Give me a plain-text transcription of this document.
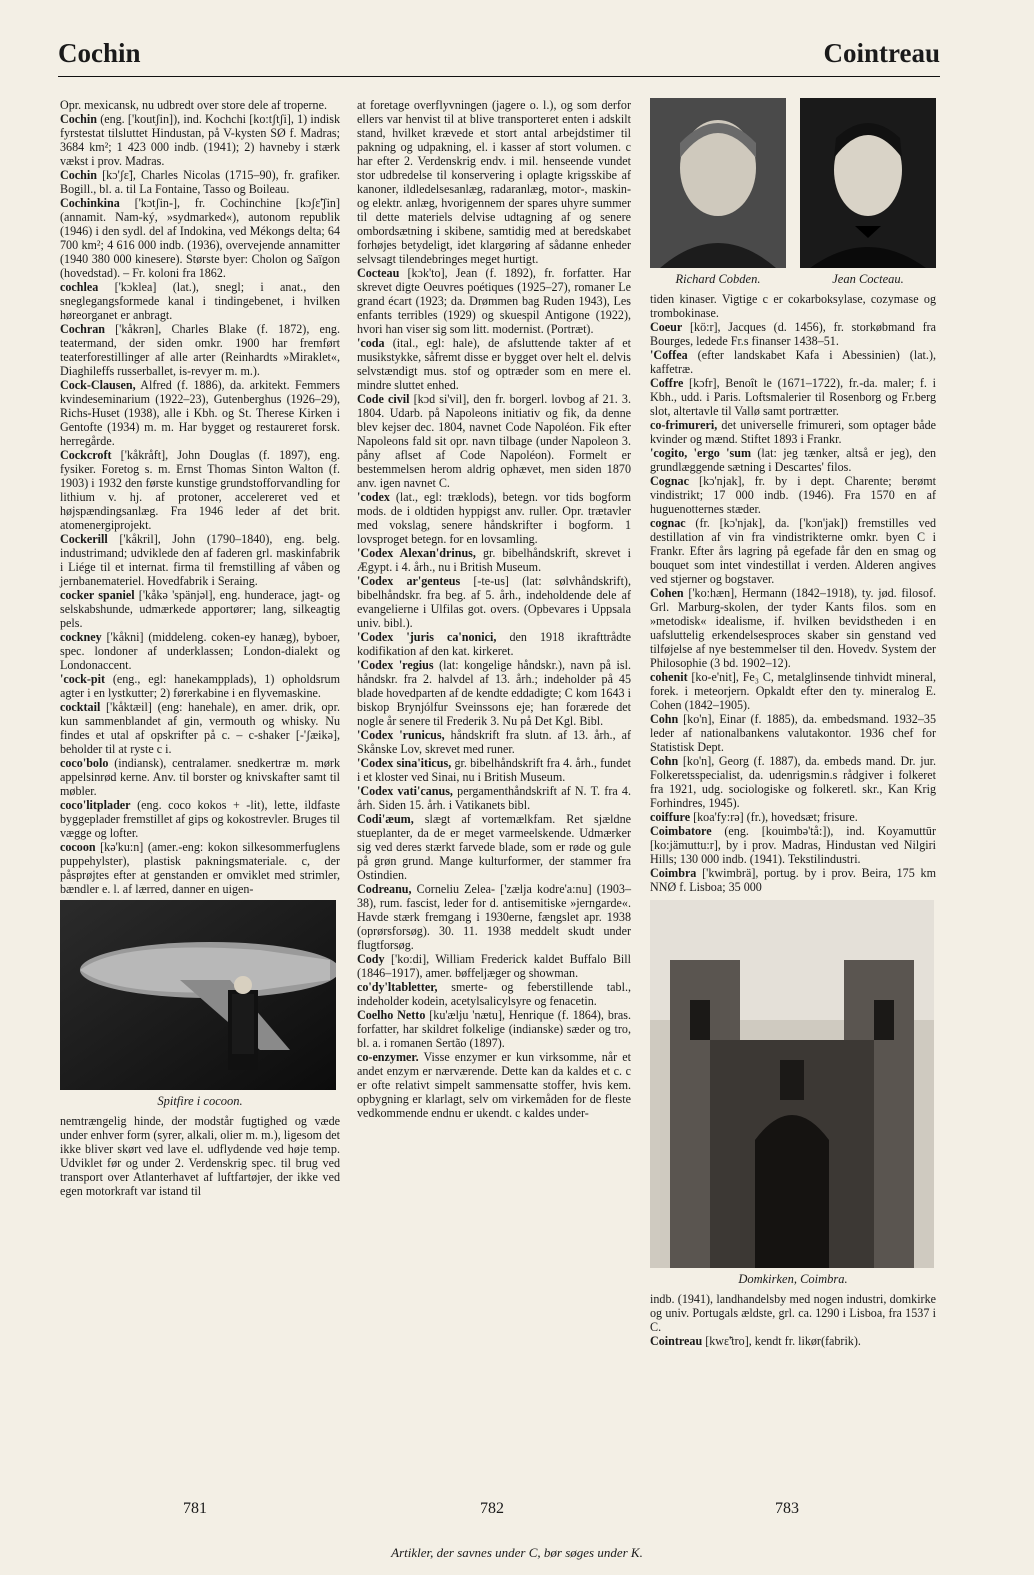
Cochin	Cointreau

Opr. mexicansk, nu udbredt over store dele af troperne.

Cochin (eng. ['koutʃin]), ind. Kochchi [ko:tʃtʃi], 1) indisk fyrstestat tilsluttet Hindustan, på V-kysten SØ f. Madras; 3684 km²; 1 423 000 indb. (1941); 2) havneby i stærk vækst i prov. Madras.

Cochin [kɔ'ʃɛ̃], Charles Nicolas (1715–90), fr. grafiker. Bogill., bl. a. til La Fontaine, Tasso og Boileau.

Cochinkina ['kɔtʃin-], fr. Cochinchine [kɔʃɛ̃'ʃin] (annamit. Nam-ký, »sydmarked«), autonom republik (1946) i den sydl. del af Indokina, ved Mékongs delta; 64 700 km²; 4 616 000 indb. (1936), overvejende annamitter (1940 380 000 kinesere). Største byer: Cholon og Saïgon (hovedstad). – Fr. koloni fra 1862.

cochlea ['kɔklea] (lat.), snegl; i anat., den sneglegangsformede kanal i tindingebenet, i hvilken høreorganet er anbragt.

Cochran ['kåkrən], Charles Blake (f. 1872), eng. teatermand, der siden omkr. 1900 har fremført teaterforestillinger af alle arter (Reinhardts »Miraklet«, Diaghileffs russerballet, is-revyer m. m.).

Cock-Clausen, Alfred (f. 1886), da. arkitekt. Femmers kvindeseminarium (1922–23), Gutenberghus (1926–29), Richs-Huset (1938), alle i Kbh. og St. Therese Kirken i Gentofte (1934) m. m. Har bygget og restaureret forsk. herregårde.

Cockcroft ['kåkråft], John Douglas (f. 1897), eng. fysiker. Foretog s. m. Ernst Thomas Sinton Walton (f. 1903) i 1932 den første kunstige grundstofforvandling for lithium v. hj. af protoner, accelereret ved et højspændingsanlæg. Fra 1946 leder af det brit. atomenergiprojekt.

Cockerill ['kåkril], John (1790–1840), eng. belg. industrimand; udviklede den af faderen grl. maskinfabrik i Liége til et internat. firma til fremstilling af våben og jernbanemateriel. Hovedfabrik i Seraing.

cocker spaniel ['kåkə 'spänjəl], eng. hunderace, jagt- og selskabshunde, udmærkede apportører; lang, silkeagtig pels.

cockney ['kåkni] (middeleng. coken-ey hanæg), byboer, spec. londoner af underklassen; London-dialekt og Londonaccent.

'cock-pit (eng., egl: hanekampplads), 1) opholdsrum agter i en lystkutter; 2) førerkabine i en flyvemaskine.

cocktail ['kåktæil] (eng: hanehale), en amer. drik, opr. kun sammenblandet af gin, vermouth og whisky. Nu findes et utal af opskrifter på c. – c-shaker [-'ʃæikə], beholder til at ryste c i.

coco'bolo (indiansk), centralamer. snedkertræ m. mørk appelsinrød kerne. Anv. til borster og knivskafter samt til møbler.

coco'litplader (eng. coco kokos + -lit), lette, ildfaste byggeplader fremstillet af gips og kokostrevler. Bruges til vægge og lofter.

cocoon [kə'ku:n] (amer.-eng: kokon silkesommerfuglens puppehylster), plastisk pakningsmateriale. c, der påsprøjtes efter at genstanden er omviklet med strimler, bændler e. l. af lærred, danner en uigen-

Spitfire i cocoon.

nemtrængelig hinde, der modstår fugtighed og væde under enhver form (syrer, alkali, olier m. m.), ligesom det ikke bliver skørt ved lave el. udflydende ved høje temp. Udviklet før og under 2. Verdenskrig spec. til brug ved transport over Atlanterhavet af luftfartøjer, der ikke ved egen motorkraft var istand til

at foretage overflyvningen (jagere o. l.), og som derfor ellers var henvist til at blive transporteret enten i adskilt stand, hvilket krævede et stort antal arbejdstimer til pakning og udpakning, el. i kasser af stort volumen. c har efter 2. Verdenskrig endv. i mil. henseende vundet stor udbredelse til konservering i oplagte krigsskibe af kanoner, ildledelsesanlæg, radaranlæg, motor-, maskin- og elektr. anlæg, hvorigennem der spares uhyre summer til dette materiels delvise udtagning af og senere ombordsætning i skibene, samtidig med at beredskabet forhøjes betydeligt, idet klargøring af sådanne enheder selvsagt tilendebringes meget hurtigt.

Cocteau [kɔk'to], Jean (f. 1892), fr. forfatter. Har skrevet digte Oeuvres poétiques (1925–27), romaner Le grand écart (1923; da. Drømmen bag Ruden 1943), Les enfants terribles (1929) og skuespil Antigone (1922), hvori han viser sig som litt. modernist. (Portræt).

'coda (ital., egl: hale), de afsluttende takter af et musikstykke, såfremt disse er bygget over helt el. delvis selvstændigt mus. stof og optræder som en mere el. mindre sluttet enhed.

Code civil [kɔd si'vil], den fr. borgerl. lovbog af 21. 3. 1804. Udarb. på Napoleons initiativ og fik, da denne blev kejser dec. 1804, navnet Code Napoléon. Fik efter Napoleons fald sit opr. navn tilbage (under Napoleon 3. påny aflset af Code Napoléon). Formelt er bestemmelsen herom aldrig ophævet, men siden 1870 anv. igen navnet C.

'codex (lat., egl: træklods), betegn. vor tids bogform mods. de i oldtiden hyppigst anv. ruller. Opr. trætavler med vokslag, senere håndskrifter i bogform. 1 lovsproget betegn. for en lovsamling.

'Codex Alexan'drinus, gr. bibelhåndskrift, skrevet i Ægypt. i 4. årh., nu i British Museum.

'Codex ar'genteus [-te-us] (lat: sølvhåndskrift), bibelhåndskr. fra beg. af 5. årh., indeholdende dele af evangelierne i Ulfilas got. overs. (Opbevares i Uppsala univ. bibl.).

'Codex 'juris ca'nonici, den 1918 ikrafttrådte kodifikation af den kat. kirkeret.

'Codex 'regius (lat: kongelige håndskr.), navn på isl. håndskr. fra 2. halvdel af 13. årh.; indeholder på 45 blade hovedparten af de kendte eddadigte; C kom 1643 i biskop Brynjólfur Sveinssons eje; han forærede det nogle år senere til Frederik 3. Nu på Det Kgl. Bibl.

'Codex 'runicus, håndskrift fra slutn. af 13. årh., af Skånske Lov, skrevet med runer.

'Codex sina'iticus, gr. bibelhåndskrift fra 4. årh., fundet i et kloster ved Sinai, nu i British Museum.

'Codex vati'canus, pergamenthåndskrift af N. T. fra 4. årh. Siden 15. årh. i Vatikanets bibl.

Codi'æum, slægt af vortemælkfam. Ret sjældne stueplanter, da de er meget varmeelskende. Udmærker sig ved deres stærkt farvede blade, som er røde og gule på grøn grund. Mange kulturformer, der stammer fra Ostindien.

Codreanu, Corneliu Zelea- ['zælja kodre'a:nu] (1903–38), rum. fascist, leder for d. antisemitiske »jerngarde«. Havde stærk fremgang i 1930erne, fængslet apr. 1938 (oprørsforsøg). 30. 11. 1938 meddelt skudt under flugtforsøg.

Cody ['ko:di], William Frederick kaldet Buffalo Bill (1846–1917), amer. bøffeljæger og showman.

co'dy'ltabletter, smerte- og feberstillende tabl., indeholder kodein, acetylsalicylsyre og fenacetin.

Coelho Netto [ku'ælju 'nætu], Henrique (f. 1864), bras. forfatter, har skildret folkelige (indianske) sæder og tro, bl. a. i romanen Sertão (1897).

co-enzymer. Visse enzymer er kun virksomme, når et andet enzym er nærværende. Dette kan da kaldes et c. c er ofte relativt simpelt sammensatte stoffer, hvis kem. opbygning er klarlagt, selv om virkemåden for de fleste vedkommende endnu er ukendt. c kaldes under-

Richard Cobden.	Jean Cocteau.

tiden kinaser. Vigtige c er cokarboksylase, cozymase og trombokinase.

Coeur [kö:r], Jacques (d. 1456), fr. storkøbmand fra Bourges, ledede Fr.s finanser 1438–51.

'Coffea (efter landskabet Kafa i Abessinien) (lat.), kaffetræ.

Coffre [kɔfr], Benoît le (1671–1722), fr.-da. maler; f. i Kbh., udd. i Paris. Loftsmalerier til Rosenborg og Fr.berg slot, altertavle til Vallø samt portrætter.

co-frimureri, det universelle frimureri, som optager både kvinder og mænd. Stiftet 1893 i Frankr.

'cogito, 'ergo 'sum (lat: jeg tænker, altså er jeg), den grundlæggende sætning i Descartes' filos.

Cognac [kɔ'njak], fr. by i dept. Charente; berømt vindistrikt; 17 000 indb. (1946). Fra 1570 en af huguenotternes stæder.

cognac (fr. [kɔ'njak], da. ['kɔn'jak]) fremstilles ved destillation af vin fra vindistrikterne omkr. byen C i Frankr. Efter års lagring på egefade får den en smag og bouquet som intet vindestillat i verden. Alderen angives ved stjerner og bogstaver.

Cohen ['ko:hæn], Hermann (1842–1918), ty. jød. filosof. Grl. Marburg-skolen, der tyder Kants filos. som en »metodisk« idealisme, if. hvilken bevidstheden i en uafsluttelig erkendelsesproces skaber sin genstand ved tilføjelse af nye bestemmelser til den. Hovedv. System der Philosophie (3 bd. 1902–12).

cohenit [ko-e'nit], Fe₃ C, metalglinsende tinhvidt mineral, forek. i meteorjern. Opkaldt efter den ty. mineralog E. Cohen (1842–1905).

Cohn [ko'n], Einar (f. 1885), da. embedsmand. 1932–35 leder af nationalbankens valutakontor. 1936 chef for Statistisk Dept.

Cohn [ko'n], Georg (f. 1887), da. embeds mand. Dr. jur. Folkeretsspecialist, da. udenrigsmin.s rådgiver i folkeret fra 1921, udg. sociologiske og folkeretl. skr., Kan Krig Forhindres, 1945).

coiffure [koa'fy:rə] (fr.), hovedsæt; frisure.

Coimbatore (eng. [kouimbə'tå:]), ind. Koyamuttūr [ko:jämuttu:r], by i prov. Madras, Hindustan ved Nilgiri Hills; 130 000 indb. (1941). Tekstilindustri.

Coimbra ['kwimbrä], portug. by i prov. Beira, 175 km NNØ f. Lisboa; 35 000

Domkirken, Coimbra.

indb. (1941), landhandelsby med nogen industri, domkirke og univ. Portugals ældste, grl. ca. 1290 i Lisboa, fra 1537 i C.

Cointreau [kwɛ̃'tro], kendt fr. likør(fabrik).

781	782	783
Artikler, der savnes under C, bør søges under K.
